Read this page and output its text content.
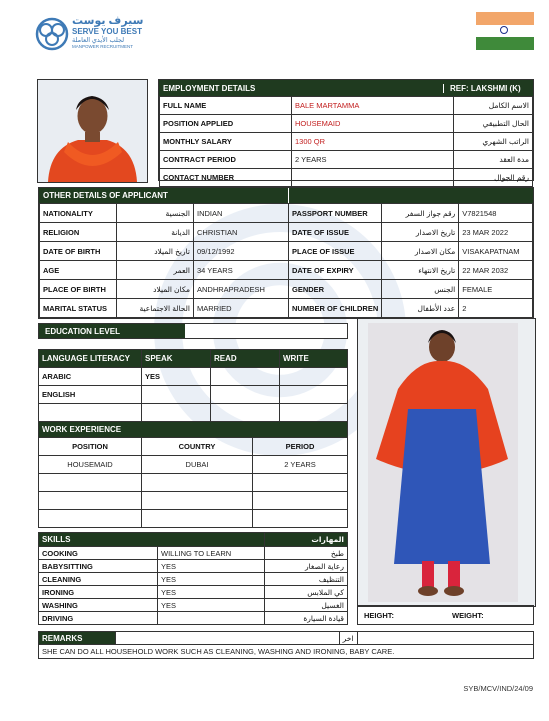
سيرف يوست
SERVE YOU BEST
لجلب الأيدي العاملة
MANPOWER RECRUITMENT
EMPLOYMENT DETAILS	REF: LAKSHMI (K)
FULL NAME	BALE MARTAMMA	الاسم الكامل
POSITION APPLIED	HOUSEMAID	الحال التطبيقي
MONTHLY SALARY	1300 QR	الراتب الشهري
CONTRACT PERIOD	2 YEARS	مدة العقد
CONTACT NUMBER		رقم الجوال
OTHER DETAILS OF APPLICANT
NATIONALITY	الجنسية	INDIAN	PASSPORT NUMBER	رقم جواز السفر	V7821548
RELIGION	الديانة	CHRISTIAN	DATE OF ISSUE	تاريخ الاصدار	23 MAR 2022
DATE OF BIRTH	تاريخ الميلاد	09/12/1992	PLACE OF ISSUE	مكان الاصدار	VISAKAPATNAM
AGE	العمر	34 YEARS	DATE OF EXPIRY	تاريخ الانتهاء	22 MAR 2032
PLACE OF BIRTH	مكان الميلاد	ANDHRAPRADESH	GENDER	الجنس	FEMALE
MARITAL STATUS	الحالة الاجتماعية	MARRIED	NUMBER OF CHILDREN	عدد الأطفال	2
EDUCATION LEVEL
LANGUAGE LITERACY	SPEAK	READ	WRITE
ARABIC	YES		
ENGLISH			

WORK EXPERIENCE		
POSITION	COUNTRY	PERIOD
HOUSEMAID	DUBAI	2 YEARS

HEIGHT:	WEIGHT:
SKILLS		المهارات
COOKING	WILLING TO LEARN	طبخ
BABYSITTING	YES	رعاية الصغار
CLEANING	YES	التنظيف
IRONING	YES	كي الملابس
WASHING	YES	الغسيل
DRIVING		قيادة السيارة
REMARKS		اخر	
SHE CAN DO ALL HOUSEHOLD WORK SUCH AS CLEANING, WASHING AND IRONING, BABY CARE.
SYB/MCV/IND/24/09
